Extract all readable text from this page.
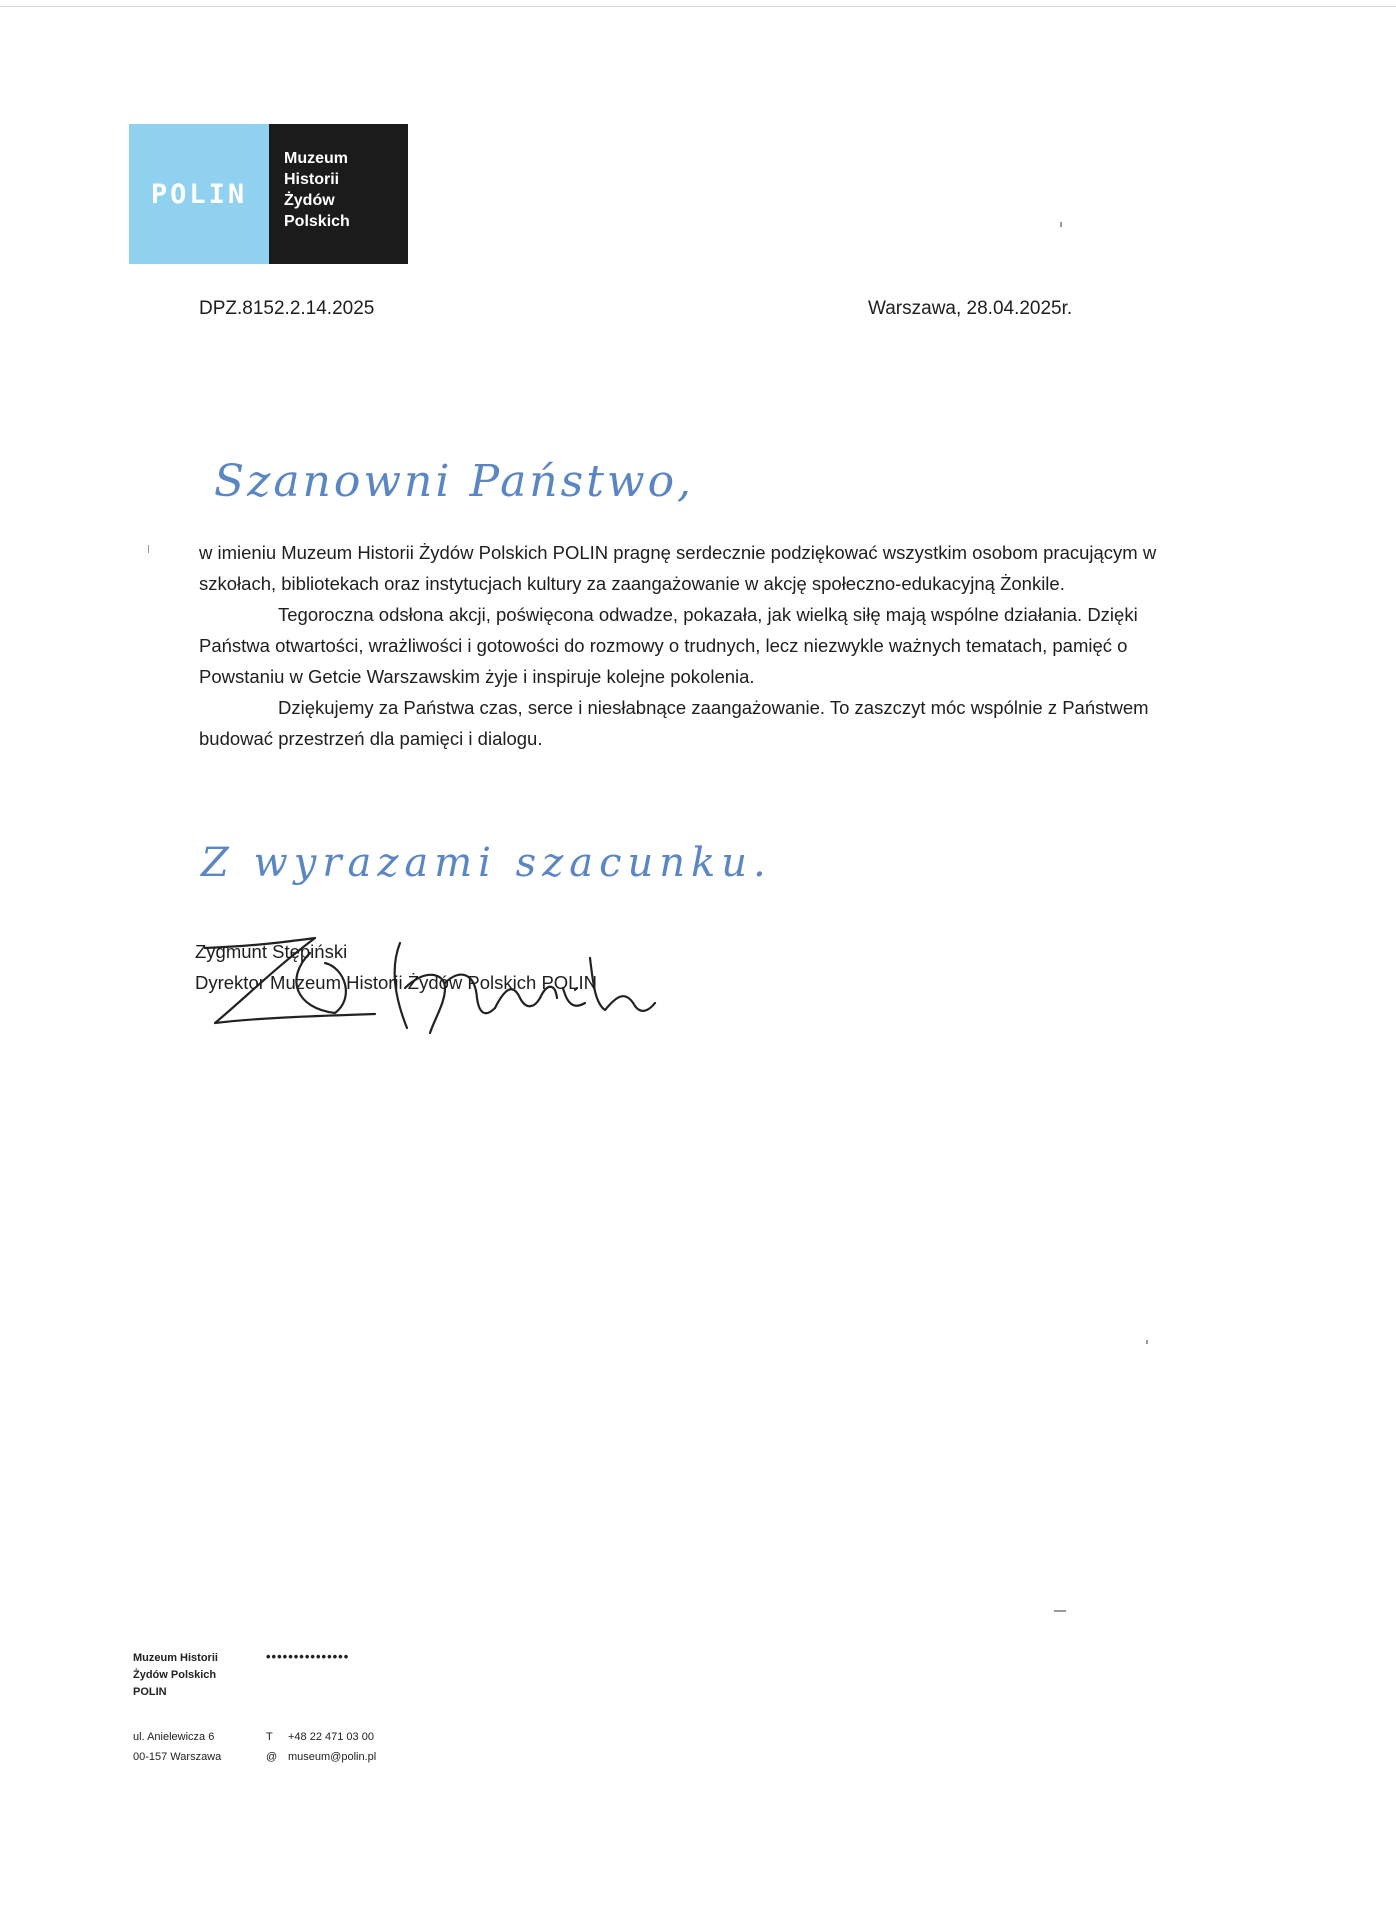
POLIN
Muzeum
Historii
Żydów
Polskich
DPZ.8152.2.14.2025	Warszawa, 28.04.2025r.
Szanowni Państwo,

w imieniu Muzeum Historii Żydów Polskich POLIN pragnę serdecznie podziękować wszystkim osobom pracującym w szkołach, bibliotekach oraz instytucjach kultury za zaangażowanie w akcję społeczno-edukacyjną Żonkile.

Tegoroczna odsłona akcji, poświęcona odwadze, pokazała, jak wielką siłę mają wspólne działania. Dzięki Państwa otwartości, wrażliwości i gotowości do rozmowy o trudnych, lecz niezwykle ważnych tematach, pamięć o Powstaniu w Getcie Warszawskim żyje i inspiruje kolejne pokolenia.

Dziękujemy za Państwa czas, serce i niesłabnące zaangażowanie. To zaszczyt móc wspólnie z Państwem budować przestrzeń dla pamięci i dialogu.

Z wyrazami szacunku.
Zygmunt Stępiński
Dyrektor Muzeum Historii Żydów Polskich POLIN
Muzeum Historii
Żydów Polskich
POLIN
•••••••••••••••
ul. Anielewicza 6
00-157 Warszawa
T +48 22 471 03 00
@ museum@polin.pl
